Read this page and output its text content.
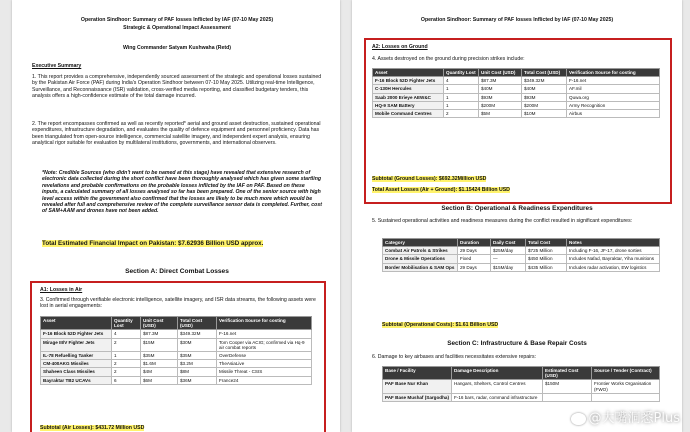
Operation Sindhoor: Summary of PAF losses Inflicted by IAF (07-10 May 2025)
Strategic & Operational Impact Assessment
Wing Commander Satyam Kushwaha (Retd)
Executive Summary
1. This report provides a comprehensive, independently sourced assessment of the strategic and operational losses sustained by the Pakistan Air Force (PAF) during India's Operation Sindhoor between 07-10 May 2025. Utilizing real-time Intelligence, Surveillance, and Reconnaissance (ISR) validation, cross-verified media reporting, and classified budgetary tenders, this analysis offers a high-confidence estimate of the total damage incurred.
2. The report encompasses confirmed as well as recently reported* aerial and ground asset destruction, sustained operational expenditures, infrastructure degradation, and evaluates the quality of defence equipment and personnel proficiency. Data has been triangulated from open-source intelligence, commercial satellite imagery, and independent expert analysis, ensuring analytical rigor suitable for evaluation by multilateral institutions, governments, and international observers.
*Note: Credible Sources (who didn't want to be named at this stage) have revealed that extensive research of electronic data collected during the short conflict have been thoroughly analysed which has given some startling revelations and probable confirmations on the probable losses inflicted by the IAF on PAF. Based on these inputs, a calculated summary of all losses analysed so far has been prepared. One of the senior source with high level access within the government also confirmed that the losses are likely to be much more which would be revealed after full and comprehensive review of the complete surveillance sensor data is completed. Further, cost of SAM+AAM and drones have not been added.
Total Estimated Financial Impact on Pakistan: $7.62936 Billion USD approx.
Section A: Direct Combat Losses
A1: Losses in Air
3. Confirmed through verifiable electronic intelligence, satellite imagery, and ISR data streams, the following assets were lost in aerial engagements:
Asset	Quantity Lost	Unit Cost (USD)	Total Cost (USD)	Verification Source for costing
F-16 Block 52D Fighter Jets	4	$87.3M	$349.32M	F-16.net
Mirage III/V Fighter Jets	2	$15M	$30M	Tom Cooper via ACIG; confirmed via Hq-9 air combat reports
IL-78 Refuelling Tanker	1	$35M	$35M	OverDefense
CM-400AKG Missiles	2	$1.6M	$3.2M	TheAsiaLive
Shaheen Class Missiles	2	$4M	$8M	Missile Threat - CSIS
Bayraktar TB2 UCAVs	6	$6M	$36M	France24
Subtotal (Air Losses): $431.72 Million USD
Operation Sindhoor: Summary of PAF losses Inflicted by IAF (07-10 May 2025)
A2: Losses on Ground
4. Assets destroyed on the ground during precision strikes include:
Asset	Quantity Lost	Unit Cost (USD)	Total Cost (USD)	Verification Source for costing
F-16 Block 52D Fighter Jets	4	$87.3M	$349.32M	F-16.net
C-130H Hercules	1	$40M	$40M	AF.mil
Saab 2000 Erieye AEW&C	1	$93M	$93M	Quwa.org
HQ-9 SAM Battery	1	$200M	$200M	Army Recognition
Mobile Command Centres	2	$5M	$10M	Airbus
Subtotal (Ground Losses): $692.32Million USD
Total Asset Losses (Air + Ground): $1.15424 Billion USD
Section B: Operational & Readiness Expenditures
5. Sustained operational activities and readiness measures during the conflict resulted in significant expenditures:
Category	Duration	Daily Cost	Total Cost	Notes
Combat Air Patrols & Strikes	29 Days	$25M/day	$725 Million	Including F-16, JF-17, drone sorties
Drone & Missile Operations	Fixed	—	$450 Million	Includes Nafad, Bayraktar, Yiha munitions
Border Mobilisation & SAM Ops	29 Days	$15M/day	$435 Million	Includes radar activation, EW logistics
Subtotal (Operational Costs): $1.61 Billion USD
Section C: Infrastructure & Base Repair Costs
6. Damage to key airbases and facilities necessitates extensive repairs:
Base / Facility	Damage Description	Estimated Cost (USD)	Source / Tender (Contract)
PAF Base Nur Khan	Hangars, Shelters, Control Centres	$150M	Frontier Works Organisation (FWO)
PAF Base Mushaf (Sargodha)	F-16 bars, radar, command infrastructure		
@大嘴洞悉Plus
